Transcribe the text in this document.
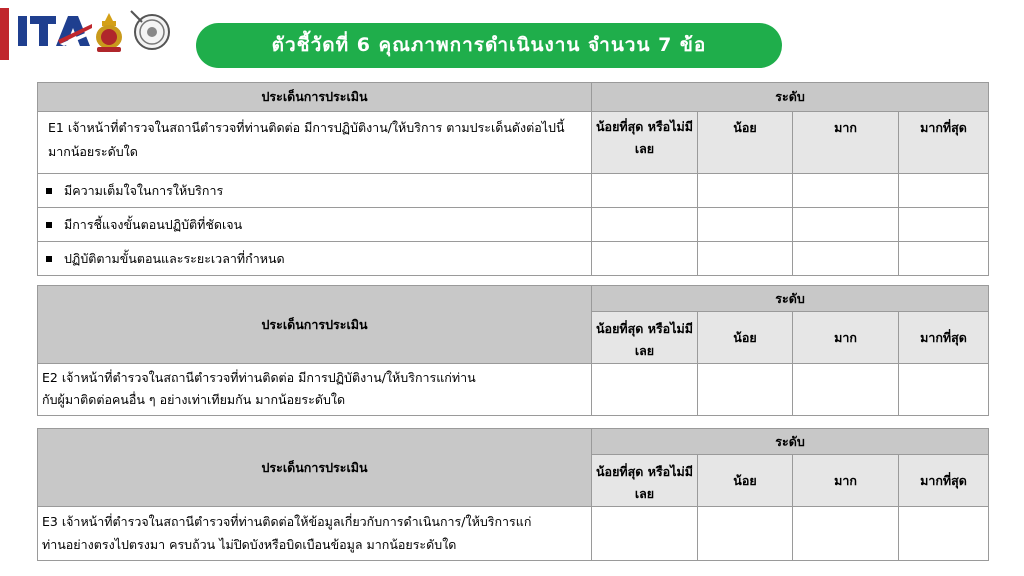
ตัวชี้วัดที่ 6 คุณภาพการดำเนินงาน จำนวน 7 ข้อ
ประเด็นการประเมิน	ระดับ			
E1 เจ้าหน้าที่ตำรวจในสถานีตำรวจที่ท่านติดต่อ มีการปฏิบัติงาน/ให้บริการ ตามประเด็นดังต่อไปนี้ มากน้อยระดับใด	น้อยที่สุด หรือไม่มีเลย	น้อย	มาก	มากที่สุด
มีความเต็มใจในการให้บริการ				
มีการชี้แจงขั้นตอนปฏิบัติที่ชัดเจน				
ปฏิบัติตามขั้นตอนและระยะเวลาที่กำหนด				
ประเด็นการประเมิน	ระดับ			
	น้อยที่สุด หรือไม่มีเลย	น้อย	มาก	มากที่สุด

E2 เจ้าหน้าที่ตำรวจในสถานีตำรวจที่ท่านติดต่อ มีการปฏิบัติงาน/ให้บริการแก่ท่าน
กับผู้มาติดต่อคนอื่น ๆ อย่างเท่าเทียมกัน มากน้อยระดับใด				

ประเด็นการประเมิน	ระดับ			
	น้อยที่สุด หรือไม่มีเลย	น้อย	มาก	มากที่สุด

E3 เจ้าหน้าที่ตำรวจในสถานีตำรวจที่ท่านติดต่อให้ข้อมูลเกี่ยวกับการดำเนินการ/ให้บริการแก่
ท่านอย่างตรงไปตรงมา ครบถ้วน ไม่ปิดบังหรือบิดเบือนข้อมูล มากน้อยระดับใด				
